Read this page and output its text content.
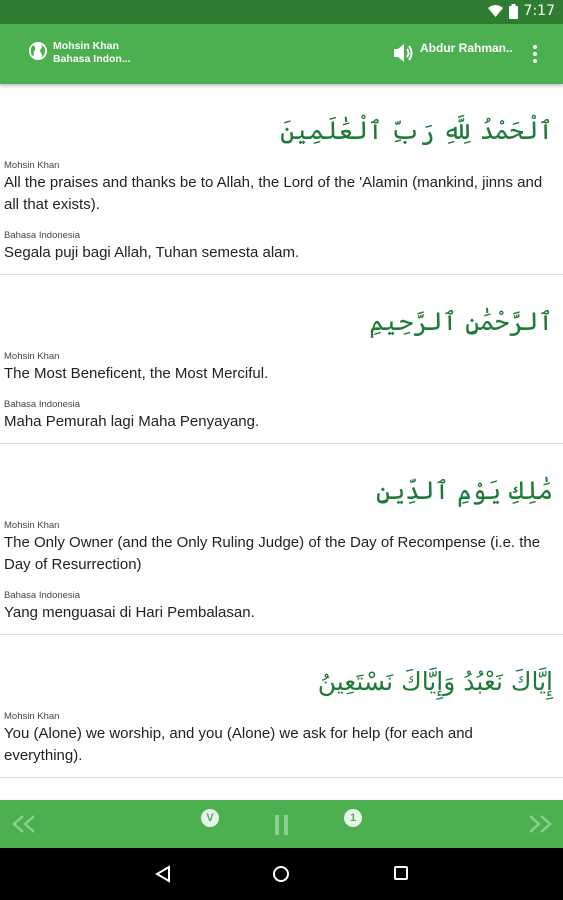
7:17
Mohsin Khan
Bahasa Indon...
Abdur Rahman..
ٱلْحَمْدُ لِلَّهِ رَبِّ ٱلْعَٰلَمِينَ
Mohsin Khan
All the praises and thanks be to Allah, the Lord of the 'Alamin (mankind, jinns and all that exists).
Bahasa Indonesia
Segala puji bagi Allah, Tuhan semesta alam.
ٱلرَّحْمَٰنِ ٱلرَّحِيمِ
Mohsin Khan
The Most Beneficent, the Most Merciful.
Bahasa Indonesia
Maha Pemurah lagi Maha Penyayang.
مَٰلِكِ يَوْمِ ٱلدِّينِ
Mohsin Khan
The Only Owner (and the Only Ruling Judge) of the Day of Recompense (i.e. the Day of Resurrection)
Bahasa Indonesia
Yang menguasai di Hari Pembalasan.
إِيَّاكَ نَعْبُدُ وَإِيَّاكَ نَسْتَعِينُ
Mohsin Khan
You (Alone) we worship, and you (Alone) we ask for help (for each and everything).
V	1
